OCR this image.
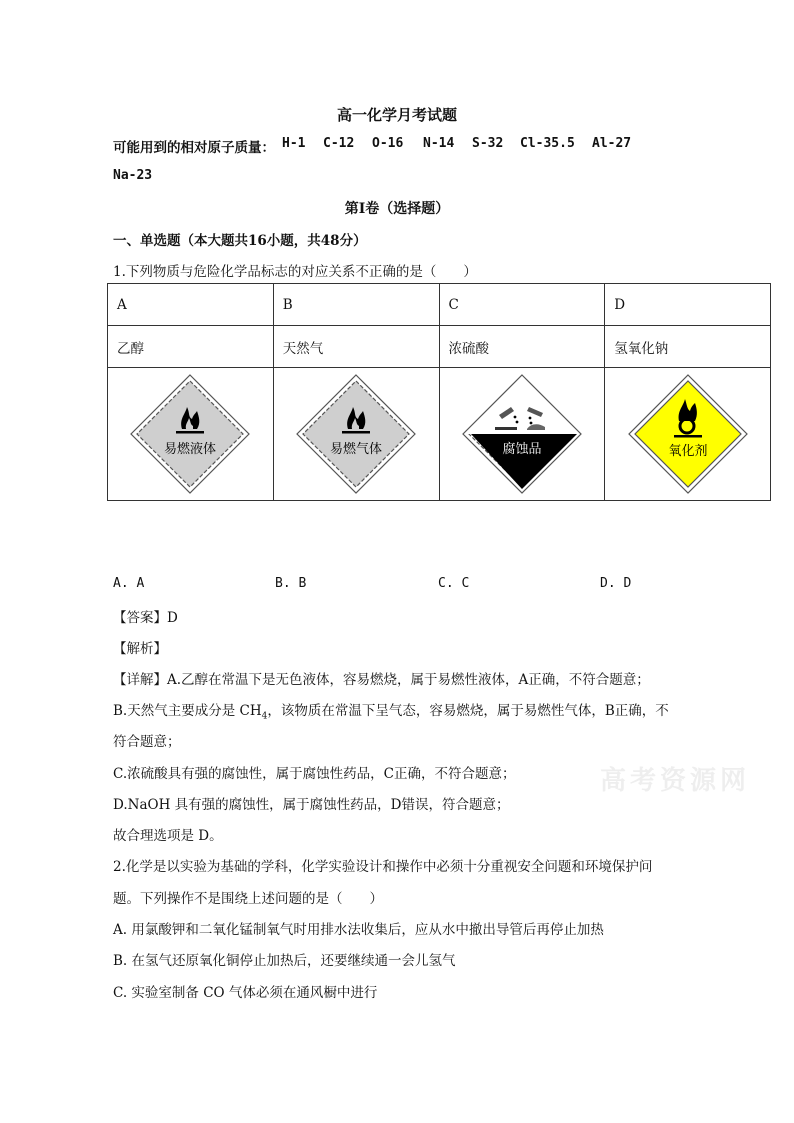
高一化学月考试题
可能用到的相对原子质量： H-1 C-12 O-16 N-14 S-32 Cl-35.5 Al-27
Na-23
第I卷（选择题）
一、单选题（本大题共16小题，共48分）
1.下列物质与危险化学品标志的对应关系不正确的是（　　）
A	B	C	D
乙醇	天然气	浓硫酸	氢氧化钠

易燃液体	易燃气体	腐蚀品	氧化剂
A. A	B. B	C. C	D. D
【答案】D
【解析】
【详解】A.乙醇在常温下是无色液体，容易燃烧，属于易燃性液体，A正确，不符合题意；
B.天然气主要成分是 $CH_4$，该物质在常温下呈气态，容易燃烧，属于易燃性气体，B正确，不
符合题意；
C.浓硫酸具有强的腐蚀性，属于腐蚀性药品，C正确，不符合题意；
D.NaOH 具有强的腐蚀性，属于腐蚀性药品，D错误，符合题意；
故合理选项是 D。
2.化学是以实验为基础的学科，化学实验设计和操作中必须十分重视安全问题和环境保护问
题。下列操作不是围绕上述问题的是（　　）
A. 用氯酸钾和二氧化锰制氧气时用排水法收集后，应从水中撤出导管后再停止加热
B. 在氢气还原氧化铜停止加热后，还要继续通一会儿氢气
C. 实验室制备 CO 气体必须在通风橱中进行
高考资源网
